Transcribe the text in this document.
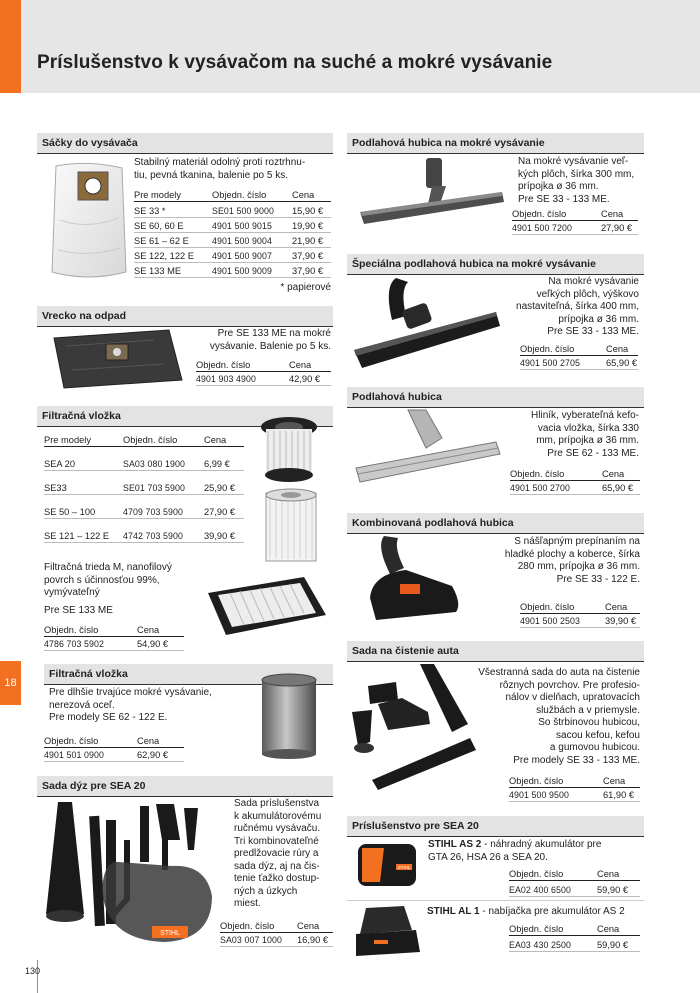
Príslušenstvo k vysávačom na suché a mokré vysávanie
18
Sáčky do vysávača
Stabilný materiál odolný proti roztrhnu-
tiu, pevná tkanina, balenie po 5 ks.
Pre modely	Objedn. číslo	Cena
SE 33 *	SE01 500 9000 15,90 €
SE 60, 60 E	4901 500 9015 19,90 €
SE 61 – 62 E	4901 500 9004 21,90 €
SE 122, 122 E 4901 500 9007 37,90 €
SE 133 ME	4901 500 9009 37,90 €
* papierové
Vrecko na odpad
Pre SE 133 ME na mokré
vysávanie. Balenie po 5 ks.
Objedn. číslo	Cena
4901 903 4900	42,90 €
Filtračná vložka
Pre modely	Objedn. číslo	Cena
SEA 20	SA03 080 1900 6,99 €
SE33	SE01 703 5900 25,90 €
SE 50 – 100	4709 703 5900 27,90 €
SE 121 – 122 E 4742 703 5900 39,90 €
Filtračná trieda M, nanofilový
povrch s účinnosťou 99%,
vymývateľný
Pre SE 133 ME
Objedn. číslo	Cena
4786 703 5902	54,90 €
Filtračná vložka
Pre dlhšie trvajúce mokré vysávanie,
nerezová oceľ.
Pre modely SE 62 - 122 E.
Objedn. číslo	Cena
4901 501 0900	62,90 €
Sada dýz pre SEA 20
STIHL
Sada príslušenstva
k akumulátorovému
ručnému vysávaču.
Tri kombinovateľné
predlžovacie rúry a
sada dýz, aj na čis-
tenie ťažko dostup-
ných a úzkych
miest.
Objedn. číslo Cena
SA03 007 1000 16,90 €
Podlahová hubica na mokré vysávanie
Na mokré vysávanie veľ-
kých plôch, šírka 300 mm,
prípojka ø 36 mm.
Pre SE 33 - 133 ME.
Objedn. číslo	Cena
4901 500 7200	27,90 €
Špeciálna podlahová hubica na mokré vysávanie
Na mokré vysávanie
veľkých plôch, výškovo
nastaviteľná, šírka 400 mm,
prípojka ø 36 mm.
Pre SE 33 - 133 ME.
Objedn. číslo	Cena
4901 500 2705	65,90 €
Podlahová hubica
Hliník, vyberateľná kefo-
vacia vložka, šírka 330
mm, prípojka ø 36 mm.
Pre SE 62 - 133 ME.
Objedn. číslo	Cena
4901 500 2700	65,90 €
Kombinovaná podlahová hubica
S nášľapným prepínaním na
hladké plochy a koberce, šírka
280 mm, prípojka ø 36 mm.
Pre SE 33 - 122 E.
Objedn. číslo	Cena
4901 500 2503	39,90 €
Sada na čistenie auta
Všestranná sada do auta na čistenie
rôznych povrchov. Pre profesio-
nálov v dielňach, upratovacích
službách a v priemysle.
So štrbinovou hubicou,
sacou kefou, kefou
a gumovou hubicou.
Pre modely SE 33 - 133 ME.
Objedn. číslo	Cena
4901 500 9500	61,90 €
Príslušenstvo pre SEA 20
STIHL
STIHL AS 2 - náhradný akumulátor pre
GTA 26, HSA 26 a SEA 20.
Objedn. číslo	Cena
EA02 400 6500	59,90 €
STIHL AL 1 - nabíjačka pre akumulátor AS 2
Objedn. číslo	Cena
EA03 430 2500	59,90 €
130
